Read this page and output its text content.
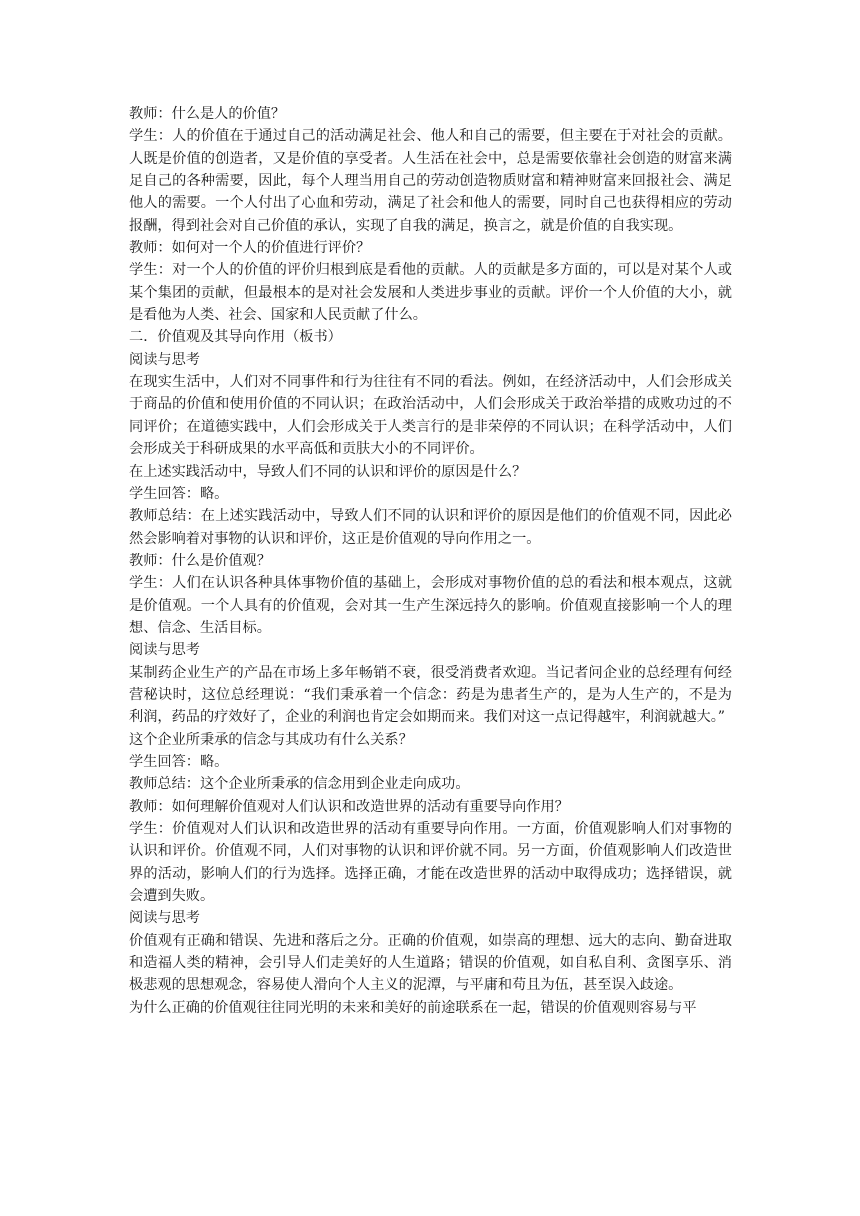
教师：什么是人的价值？

学生：人的价值在于通过自己的活动满足社会、他人和自己的需要，但主要在于对社会的贡献。人既是价值的创造者，又是价值的享受者。人生活在社会中，总是需要依靠社会创造的财富来满足自己的各种需要，因此，每个人理当用自己的劳动创造物质财富和精神财富来回报社会、满足他人的需要。一个人付出了心血和劳动，满足了社会和他人的需要，同时自己也获得相应的劳动报酬，得到社会对自己价值的承认，实现了自我的满足，换言之，就是价值的自我实现。

教师：如何对一个人的价值进行评价？

学生：对一个人的价值的评价归根到底是看他的贡献。人的贡献是多方面的，可以是对某个人或某个集团的贡献，但最根本的是对社会发展和人类进步事业的贡献。评价一个人价值的大小，就是看他为人类、社会、国家和人民贡献了什么。

二．价值观及其导向作用（板书）

阅读与思考

在现实生活中，人们对不同事件和行为往往有不同的看法。例如，在经济活动中，人们会形成关于商品的价值和使用价值的不同认识；在政治活动中，人们会形成关于政治举措的成败功过的不同评价；在道德实践中，人们会形成关于人类言行的是非荣停的不同认识；在科学活动中，人们会形成关于科研成果的水平高低和贡肤大小的不同评价。

在上述实践活动中，导致人们不同的认识和评价的原因是什么？

学生回答：略。

教师总结：在上述实践活动中，导致人们不同的认识和评价的原因是他们的价值观不同，因此必然会影响着对事物的认识和评价，这正是价值观的导向作用之一。

教师：什么是价值观？

学生：人们在认识各种具体事物价值的基础上，会形成对事物价值的总的看法和根本观点，这就是价值观。一个人具有的价值观，会对其一生产生深远持久的影响。价值观直接影响一个人的理想、信念、生活目标。

阅读与思考

某制药企业生产的产品在市场上多年畅销不衰，很受消费者欢迎。当记者问企业的总经理有何经营秘诀时，这位总经理说：“我们秉承着一个信念：药是为患者生产的，是为人生产的，不是为利润，药品的疗效好了，企业的利润也肯定会如期而来。我们对这一点记得越牢，利润就越大。”

这个企业所秉承的信念与其成功有什么关系？

学生回答：略。

教师总结：这个企业所秉承的信念用到企业走向成功。

教师：如何理解价值观对人们认识和改造世界的活动有重要导向作用？

学生：价值观对人们认识和改造世界的活动有重要导向作用。一方面，价值观影响人们对事物的认识和评价。价值观不同，人们对事物的认识和评价就不同。另一方面，价值观影响人们改造世界的活动，影响人们的行为选择。选择正确，才能在改造世界的活动中取得成功；选择错误，就会遭到失败。

阅读与思考

价值观有正确和错误、先进和落后之分。正确的价值观，如崇高的理想、远大的志向、勤奋进取和造福人类的精神，会引导人们走美好的人生道路；错误的价值观，如自私自利、贪图享乐、消极悲观的思想观念，容易使人滑向个人主义的泥潭，与平庸和苟且为伍，甚至误入歧途。

为什么正确的价值观往往同光明的未来和美好的前途联系在一起，错误的价值观则容易与平
